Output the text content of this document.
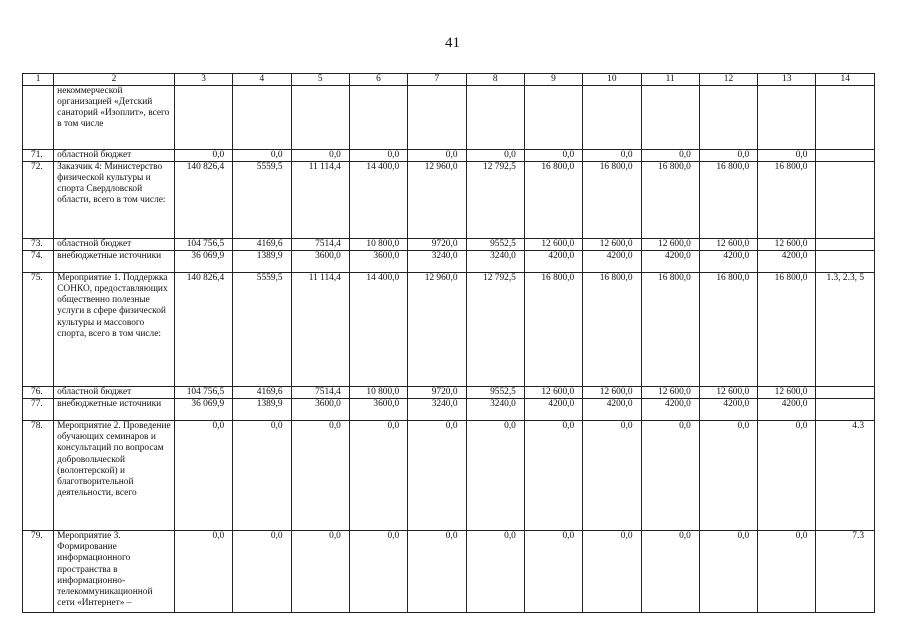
41
1	2	3	4	5	6	7	8	9	10	11	12	13	14
	некоммерческой организацией «Детский санаторий «Изоплит», всего в том числе												
71.	областной бюджет	0,0	0,0	0,0	0,0	0,0	0,0	0,0	0,0	0,0	0,0	0,0	
72.	Заказчик 4: Министерство физической культуры и спорта Свердловской области, всего в том числе:	140 826,4	5559,5	11 114,4	14 400,0	12 960,0	12 792,5	16 800,0	16 800,0	16 800,0	16 800,0	16 800,0	
73.	областной бюджет	104 756,5	4169,6	7514,4	10 800,0	9720,0	9552,5	12 600,0	12 600,0	12 600,0	12 600,0	12 600,0	
74.	внебюджетные источники	36 069,9	1389,9	3600,0	3600,0	3240,0	3240,0	4200,0	4200,0	4200,0	4200,0	4200,0	
75.	Мероприятие 1. Поддержка СОНКО, предоставляющих общественно полезные услуги в сфере физической культуры и массового спорта, всего в том числе:	140 826,4	5559,5	11 114,4	14 400,0	12 960,0	12 792,5	16 800,0	16 800,0	16 800,0	16 800,0	16 800,0	1.3, 2.3, 5
76.	областной бюджет	104 756,5	4169,6	7514,4	10 800,0	9720,0	9552,5	12 600,0	12 600,0	12 600,0	12 600,0	12 600,0	
77.	внебюджетные источники	36 069,9	1389,9	3600,0	3600,0	3240,0	3240,0	4200,0	4200,0	4200,0	4200,0	4200,0	
78.	Мероприятие 2. Проведение обучающих семинаров и консультаций по вопросам добровольческой (волонтерской) и благотворительной деятельности, всего	0,0	0,0	0,0	0,0	0,0	0,0	0,0	0,0	0,0	0,0	0,0	4.3
79.	Мероприятие 3. Формирование информационного пространства в информационно-телекоммуникационной сети «Интернет» –	0,0	0,0	0,0	0,0	0,0	0,0	0,0	0,0	0,0	0,0	0,0	7.3
